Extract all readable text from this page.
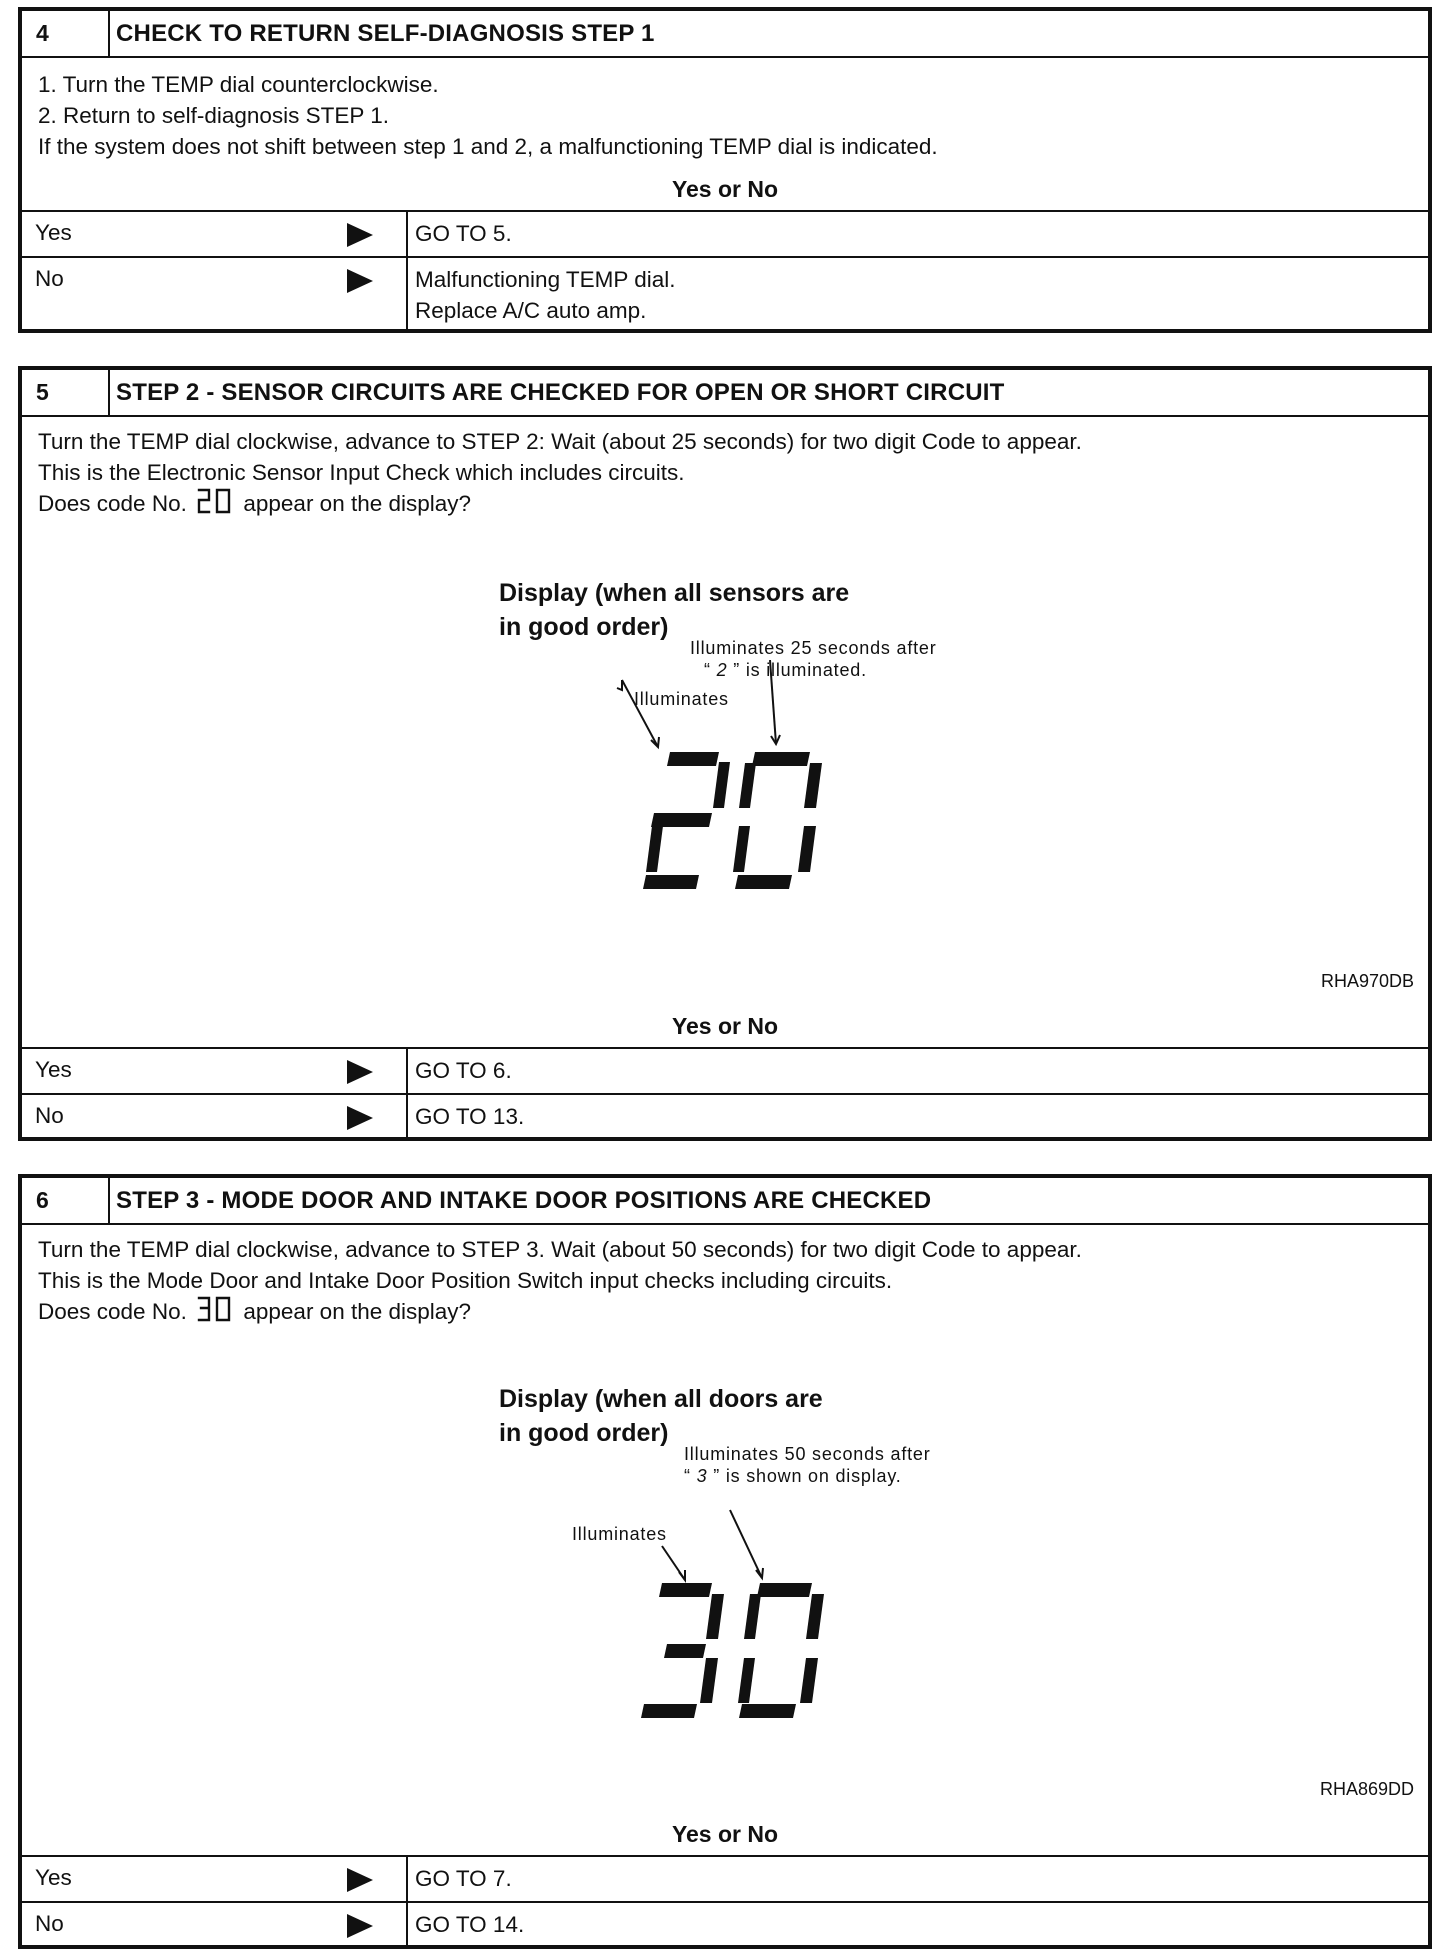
4	CHECK TO RETURN SELF-DIAGNOSIS STEP 1
1. Turn the TEMP dial counterclockwise.
2. Return to self-diagnosis STEP 1.
If the system does not shift between step 1 and 2, a malfunctioning TEMP dial is indicated.
Yes or No
Yes	GO TO 5.
No	Malfunctioning TEMP dial.
Replace A/C auto amp.
5	STEP 2 - SENSOR CIRCUITS ARE CHECKED FOR OPEN OR SHORT CIRCUIT
Turn the TEMP dial clockwise, advance to STEP 2: Wait (about 25 seconds) for two digit Code to appear.
This is the Electronic Sensor Input Check which includes circuits.
Does code No.	appear on the display?
Display (when all sensors are
in good order)
Illuminates 25 seconds after
“ 2 ” is illuminated.
Illuminates
RHA970DB
Yes or No
Yes	GO TO 6.
No	GO TO 13.
6	STEP 3 - MODE DOOR AND INTAKE DOOR POSITIONS ARE CHECKED
Turn the TEMP dial clockwise, advance to STEP 3. Wait (about 50 seconds) for two digit Code to appear.
This is the Mode Door and Intake Door Position Switch input checks including circuits.
Does code No.	appear on the display?
Display (when all doors are
in good order)
Illuminates 50 seconds after
“ 3 ” is shown on display.
Illuminates
RHA869DD
Yes or No
Yes	GO TO 7.
No	GO TO 14.
